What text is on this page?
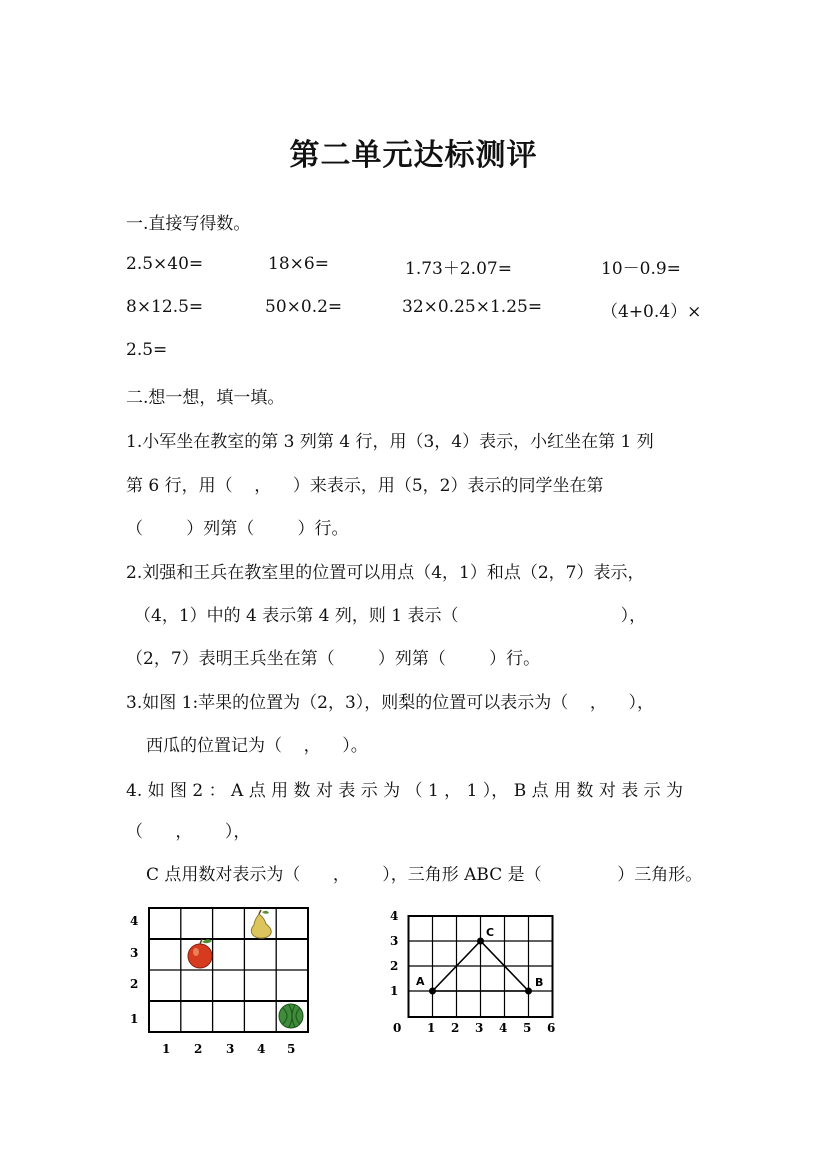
第二单元达标测评
一.直接写得数。
2.5×40=	18×6=	1.73＋2.07=	10－0.9=
8×12.5=	50×0.2=	32×0.25×1.25=	（4+0.4）×
2.5=
二.想一想，填一填。
1.小军坐在教室的第 3 列第 4 行，用（3，4）表示，小红坐在第 1 列
第 6 行，用（    ，    ）来表示，用（5，2）表示的同学坐在第
（        ）列第（        ）行。
2.刘强和王兵在教室里的位置可以用点（4，1）和点（2，7）表示，
（4，1）中的 4 表示第 4 列，则 1 表示（                              ），
（2，7）表明王兵坐在第（        ）列第（        ）行。
3.如图 1:苹果的位置为（2，3），则梨的位置可以表示为（    ，    ），
西瓜的位置记为（    ，    ）。
4. 如 图 2 ： A 点 用 数 对 表 示 为 （ 1 ， 1 ）， B 点 用 数 对 表 示 为
（      ，      ），
C 点用数对表示为（      ，      ），三角形 ABC 是（              ）三角形。
4
3
2
1
1 2 3 4 5
4
3
2
1
0 1 2 3 4 5 6
A	B
C
